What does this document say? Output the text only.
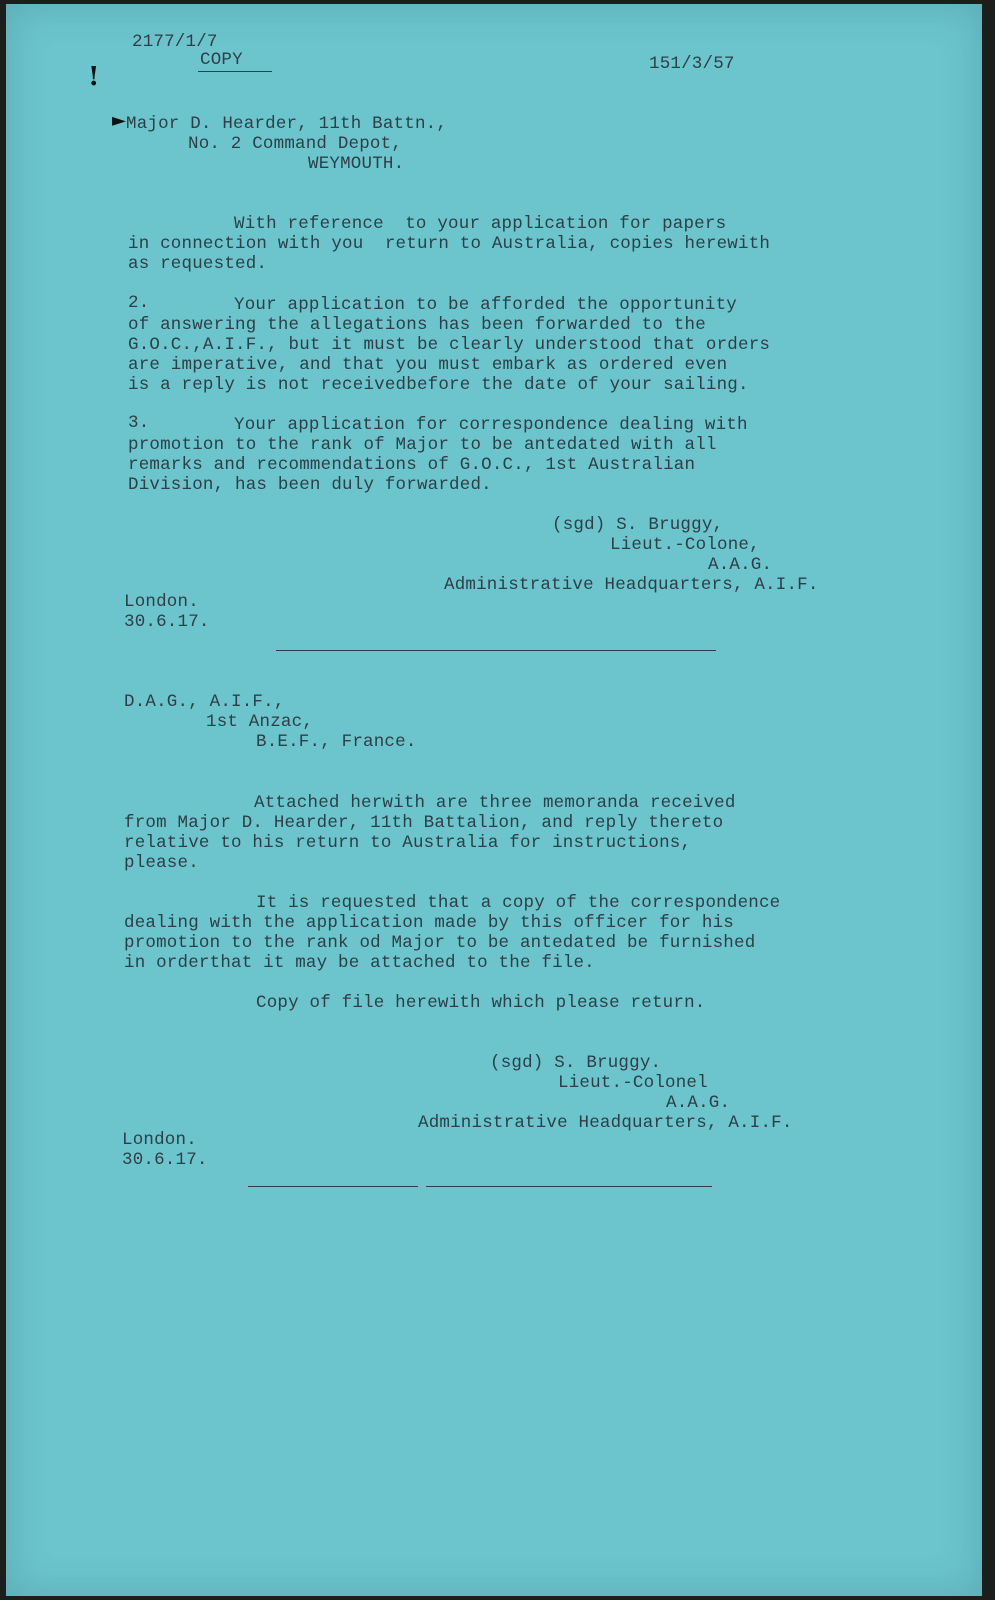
2177/1/7
COPY	151/3/57
!
► Major D. Hearder, 11th Battn.,
No. 2 Command Depot,
WEYMOUTH.
With reference  to your application for papers
in connection with you  return to Australia, copies herewith
as requested.
2.	Your application to be afforded the opportunity
of answering the allegations has been forwarded to the
G.O.C.,A.I.F., but it must be clearly understood that orders
are imperative, and that you must embark as ordered even
is a reply is not receivedbefore the date of your sailing.
3.	Your application for correspondence dealing with
promotion to the rank of Major to be antedated with all
remarks and recommendations of G.O.C., 1st Australian
Division, has been duly forwarded.
(sgd) S. Bruggy,
Lieut.-Colone,
A.A.G.
Administrative Headquarters, A.I.F.
London.
30.6.17.
D.A.G., A.I.F.,
1st Anzac,
B.E.F., France.
Attached herwith are three memoranda received
from Major D. Hearder, 11th Battalion, and reply thereto
relative to his return to Australia for instructions,
please.
It is requested that a copy of the correspondence
dealing with the application made by this officer for his
promotion to the rank od Major to be antedated be furnished
in orderthat it may be attached to the file.
Copy of file herewith which please return.
(sgd) S. Bruggy.
Lieut.-Colonel
A.A.G.
Administrative Headquarters, A.I.F.
London.
30.6.17.
